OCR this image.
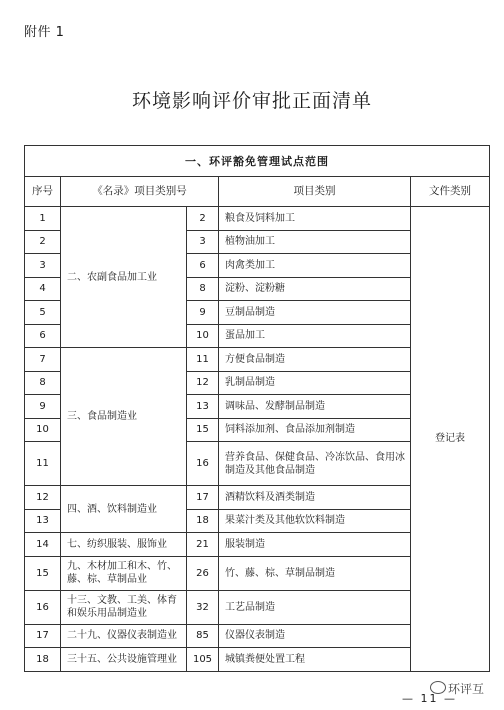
附件 1
环境影响评价审批正面清单
一、环评豁免管理试点范围				
序号	《名录》项目类别号		项目类别	文件类别
1	二、农副食品加工业	2	粮食及饲料加工	登记表
2		3	植物油加工	
3		6	肉禽类加工	
4		8	淀粉、淀粉糖	
5		9	豆制品制造	
6		10	蛋品加工	
7	三、食品制造业	11	方便食品制造	
8		12	乳制品制造	
9		13	调味品、发酵制品制造	
10		15	饲料添加剂、食品添加剂制造	
11		16	营养食品、保健食品、冷冻饮品、食用冰制造及其他食品制造	
12	四、酒、饮料制造业	17	酒精饮料及酒类制造	
13		18	果菜汁类及其他软饮料制造	
14	七、纺织服装、服饰业	21	服装制造	
15	九、木材加工和木、竹、藤、棕、草制品业	26	竹、藤、棕、草制品制造	
16	十三、文教、工美、体育和娱乐用品制造业	32	工艺品制造	
17	二十九、仪器仪表制造业	85	仪器仪表制造	
18	三十五、公共设施管理业	105	城镇粪便处置工程	
— 11 —
环评互
